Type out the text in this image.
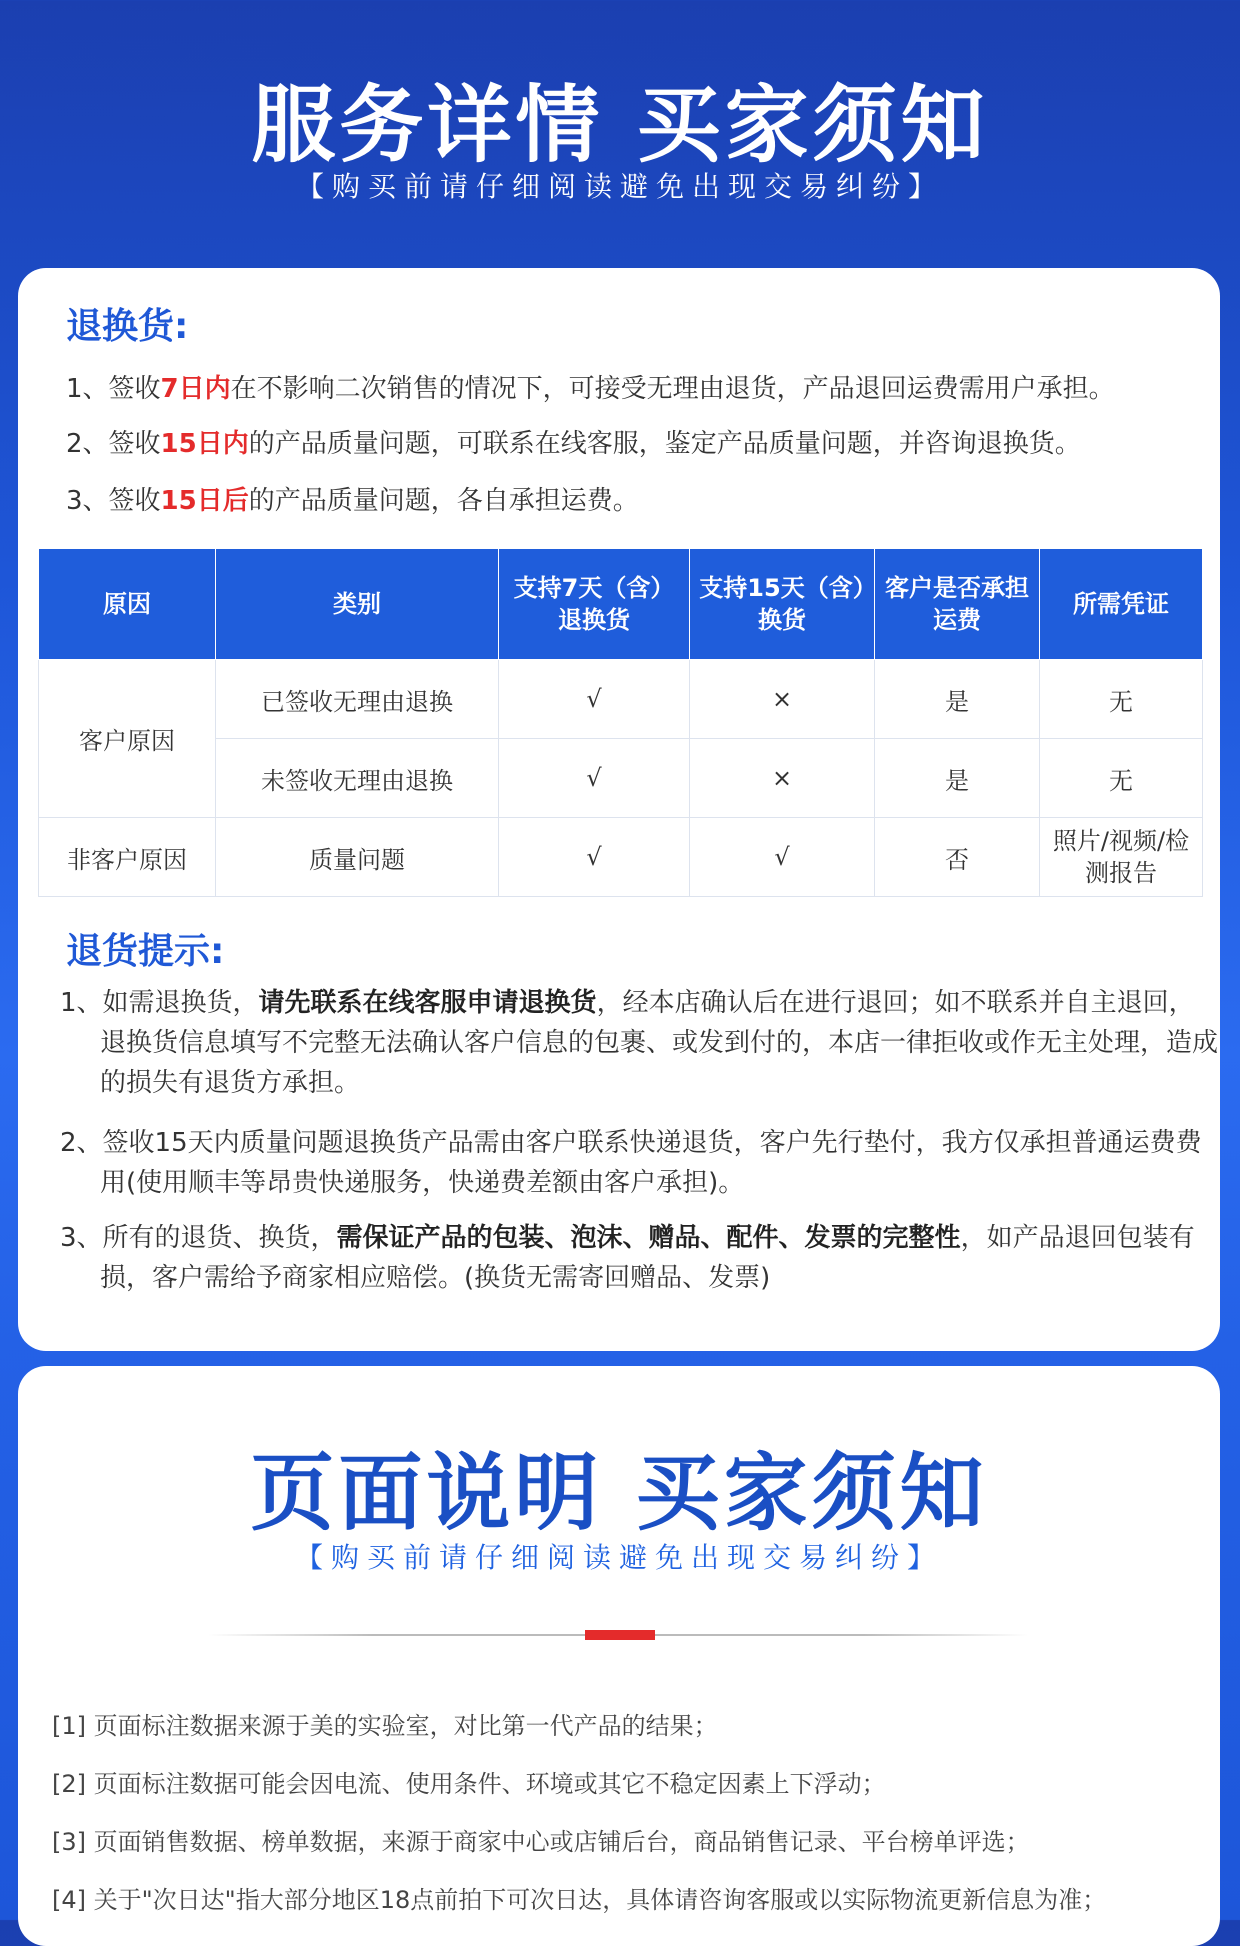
服务详情 买家须知
【购买前请仔细阅读避免出现交易纠纷】
退换货:
1、签收7日内在不影响二次销售的情况下，可接受无理由退货，产品退回运费需用户承担。
2、签收15日内的产品质量问题，可联系在线客服，鉴定产品质量问题，并咨询退换货。
3、签收15日后的产品质量问题，各自承担运费。
原因	类别	支持7天（含）退换货	支持15天（含）换货	客户是否承担运费	所需凭证
客户原因	已签收无理由退换	√	×	是	无
	未签收无理由退换	√	×	是	无
非客户原因	质量问题	√	√	否	照片/视频/检测报告
退货提示:
1、如需退换货，请先联系在线客服申请退换货，经本店确认后在进行退回；如不联系并自主退回，退换货信息填写不完整无法确认客户信息的包裹、或发到付的，本店一律拒收或作无主处理，造成的损失有退货方承担。
2、签收15天内质量问题退换货产品需由客户联系快递退货，客户先行垫付，我方仅承担普通运费费用(使用顺丰等昂贵快递服务，快递费差额由客户承担)。
3、所有的退货、换货，需保证产品的包装、泡沫、赠品、配件、发票的完整性，如产品退回包装有损，客户需给予商家相应赔偿。(换货无需寄回赠品、发票)
页面说明 买家须知
【购买前请仔细阅读避免出现交易纠纷】
[1] 页面标注数据来源于美的实验室，对比第一代产品的结果；
[2] 页面标注数据可能会因电流、使用条件、环境或其它不稳定因素上下浮动；
[3] 页面销售数据、榜单数据，来源于商家中心或店铺后台，商品销售记录、平台榜单评选；
[4] 关于"次日达"指大部分地区18点前拍下可次日达，具体请咨询客服或以实际物流更新信息为准；
